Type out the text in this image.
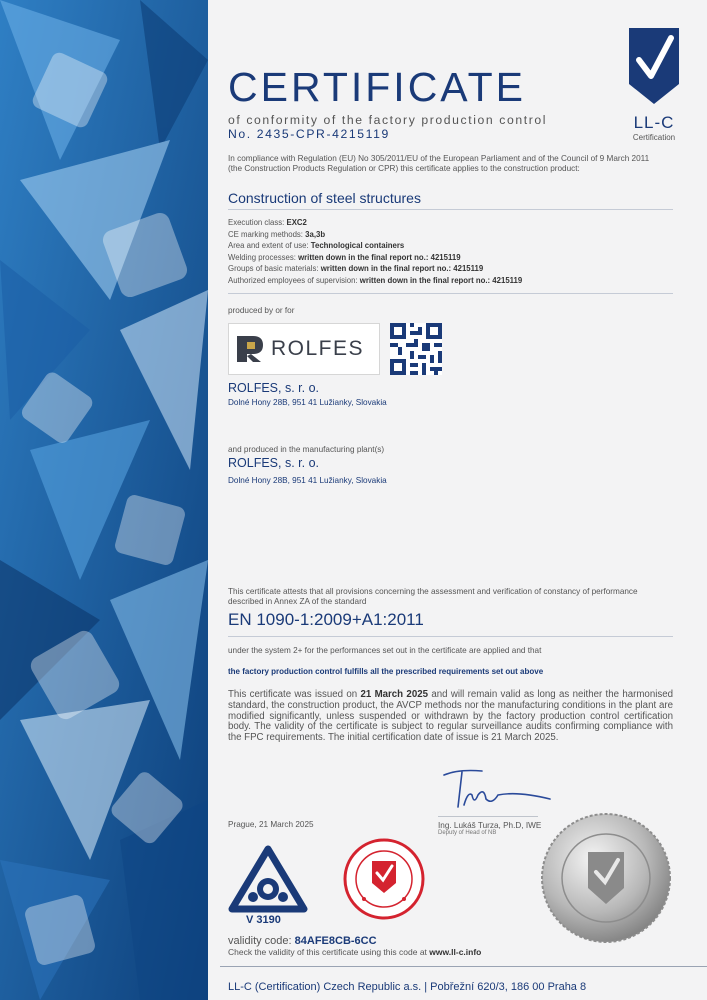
LL-C
Certification
CERTIFICATE
of conformity of the factory production control
No. 2435-CPR-4215119
In compliance with Regulation (EU) No 305/2011/EU of the European Parliament and of the Council of 9 March 2011 (the Construction Products Regulation or CPR) this certificate applies to the construction product:
Construction of steel structures
Execution class: EXC2
CE marking methods: 3a,3b
Area and extent of use: Technological containers
Welding processes: written down in the final report no.: 4215119
Groups of basic materials: written down in the final report no.: 4215119
Authorized employees of supervision: written down in the final report no.: 4215119
produced by or for
ROLFES
ROLFES, s. r. o.
Dolné Hony 28B, 951 41 Lužianky, Slovakia
and produced in the manufacturing plant(s)
ROLFES, s. r. o.
Dolné Hony 28B, 951 41 Lužianky, Slovakia
This certificate attests that all provisions concerning the assessment and verification of constancy of performance described in Annex ZA of the standard
EN 1090-1:2009+A1:2011
under the system 2+ for the performances set out in the certificate are applied and that
the factory production control fulfills all the prescribed requirements set out above
This certificate was issued on 21 March 2025 and will remain valid as long as neither the harmonised standard, the construction product, the AVCP methods nor the manufacturing conditions in the plant are modified significantly, unless suspended or withdrawn by the factory production control certification body. The validity of the certificate is subject to regular surveillance audits confirming compliance with the FPC requirements. The initial certification date of issue is 21 March 2025.
Prague, 21 March 2025	Ing. Lukáš Turza, Ph.D, IWE
Deputy of Head of NB
V 3190
validity code: 84AFE8CB-6CC
Check the validity of this certificate using this code at www.ll-c.info
LL-C (Certification) Czech Republic a.s. | Pobřežní 620/3, 186 00 Praha 8
